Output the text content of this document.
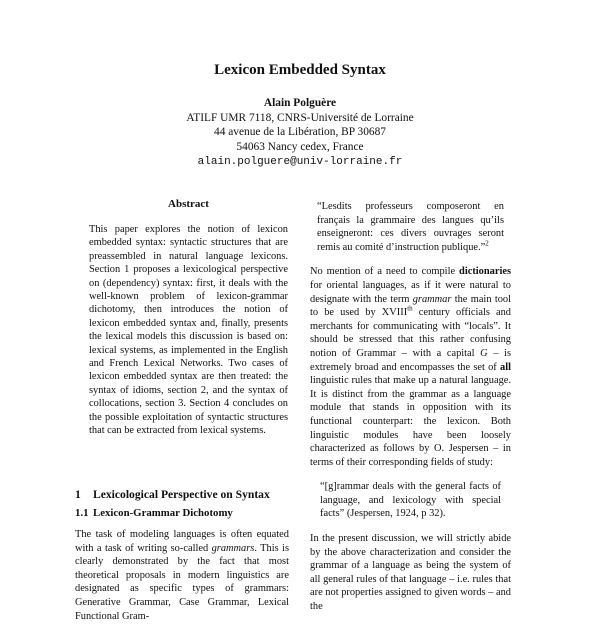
Lexicon Embedded Syntax
Alain Polguère
ATILF UMR 7118, CNRS-Université de Lorraine
44 avenue de la Libération, BP 30687
54063 Nancy cedex, France
alain.polguere@univ-lorraine.fr
Abstract

This paper explores the notion of lexicon embedded syntax: syntactic structures that are preassembled in natural language lexicons. Section 1 proposes a lexicological perspective on (dependency) syntax: first, it deals with the well-known problem of lexicon-grammar dichotomy, then introduces the notion of lexicon embedded syntax and, finally, presents the lexical models this discussion is based on: lexical systems, as implemented in the English and French Lexical Networks. Two cases of lexicon embedded syntax are then treated: the syntax of idioms, section 2, and the syntax of collocations, section 3. Section 4 concludes on the possible exploitation of syntactic structures that can be extracted from lexical systems.

1 Lexicological Perspective on Syntax
1.1 Lexicon-Grammar Dichotomy

The task of modeling languages is often equated with a task of writing so-called grammars. This is clearly demonstrated by the fact that most theoretical proposals in modern linguistics are designated as specific types of grammars: Generative Grammar, Case Grammar, Lexical Functional Gram-

“Lesdits professeurs composeront en français la grammaire des langues qu’ils enseigneront: ces divers ouvrages seront remis au comité d’instruction publique.”$^2$

No mention of a need to compile dictionaries for oriental languages, as if it were natural to designate with the term grammar the main tool to be used by XVIIIth century officials and merchants for communicating with “locals”. It should be stressed that this rather confusing notion of Grammar – with a capital G – is extremely broad and encompasses the set of all linguistic rules that make up a natural language. It is distinct from the grammar as a language module that stands in opposition with its functional counterpart: the lexicon. Both linguistic modules have been loosely characterized as follows by O. Jespersen – in terms of their corresponding fields of study:

“[g]rammar deals with the general facts of language, and lexicology with special facts” (Jespersen, 1924, p 32).

In the present discussion, we will strictly abide by the above characterization and consider the grammar of a language as being the system of all general rules of that language – i.e. rules that are not properties assigned to given words – and the
